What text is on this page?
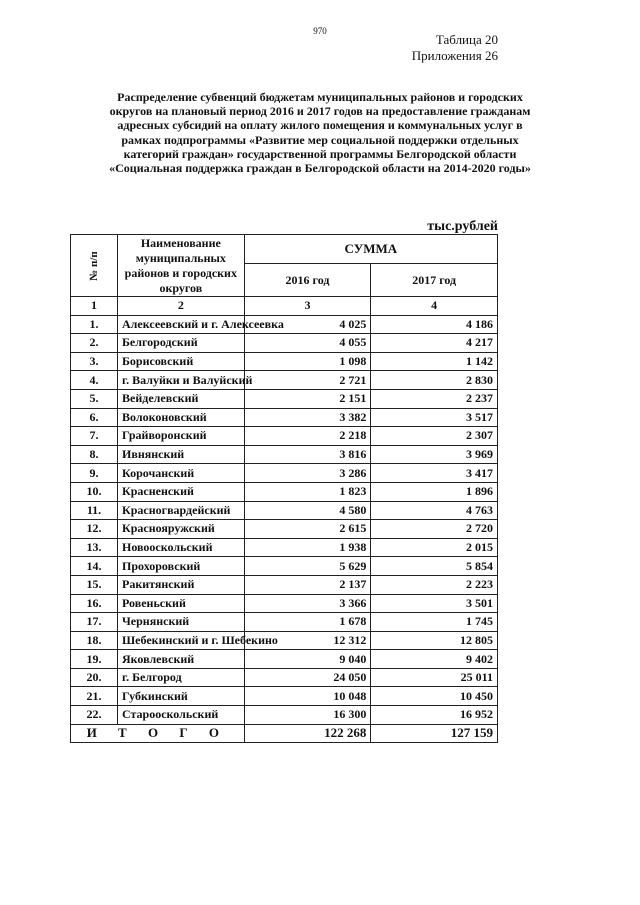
970
Таблица 20
Приложения 26
Распределение субвенций бюджетам муниципальных районов и городских
округов на плановый период 2016 и 2017 годов на предоставление гражданам
адресных субсидий на оплату жилого помещения и коммунальных услуг в
рамках подпрограммы «Развитие мер социальной поддержки отдельных
категорий граждан» государственной программы Белгородской области
«Социальная поддержка граждан в Белгородской области на 2014-2020 годы»
тыс.рублей
№ п/п	Наименование муниципальных районов и городских округов	СУММА	
		2016 год	2017 год
1	2	3	4
1.	Алексеевский и г. Алексеевка	4 025	4 186
2.	Белгородский	4 055	4 217
3.	Борисовский	1 098	1 142
4.	г. Валуйки и Валуйский	2 721	2 830
5.	Вейделевский	2 151	2 237
6.	Волоконовский	3 382	3 517
7.	Грайворонский	2 218	2 307
8.	Ивнянский	3 816	3 969
9.	Корочанский	3 286	3 417
10.	Красненский	1 823	1 896
11.	Красногвардейский	4 580	4 763
12.	Краснояружский	2 615	2 720
13.	Новооскольский	1 938	2 015
14.	Прохоровский	5 629	5 854
15.	Ракитянский	2 137	2 223
16.	Ровеньский	3 366	3 501
17.	Чернянский	1 678	1 745
18.	Шебекинский и г. Шебекино	12 312	12 805
19.	Яковлевский	9 040	9 402
20.	г. Белгород	24 050	25 011
21.	Губкинский	10 048	10 450
22.	Старооскольский	16 300	16 952
И Т О Г О		122 268	127 159
